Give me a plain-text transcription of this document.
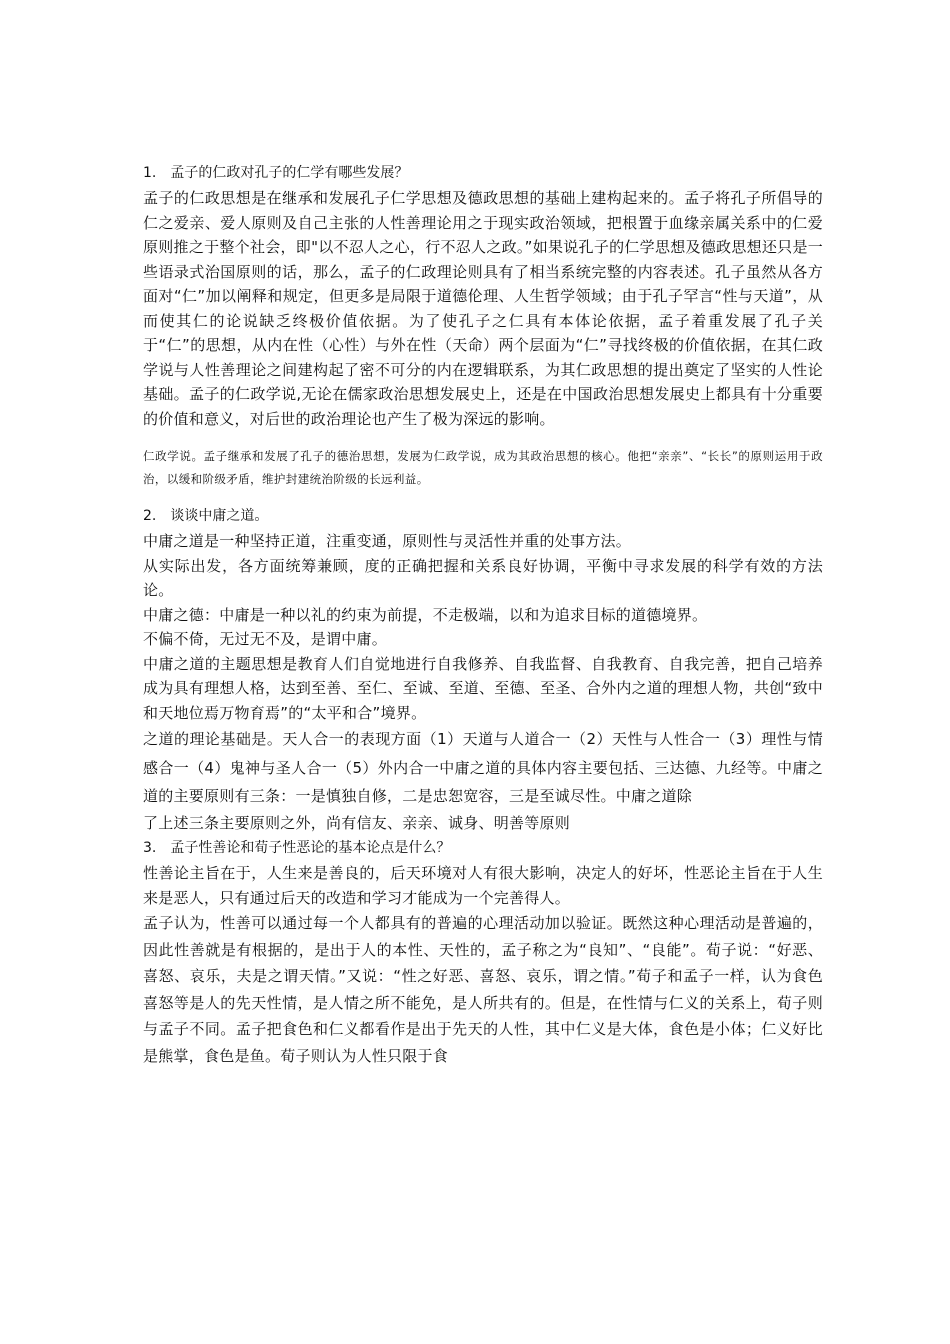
1.　孟子的仁政对孔子的仁学有哪些发展？

孟子的仁政思想是在继承和发展孔子仁学思想及德政思想的基础上建构起来的。孟子将孔子所倡导的仁之爱亲、爱人原则及自己主张的人性善理论用之于现实政治领域，把根置于血缘亲属关系中的仁爱原则推之于整个社会，即"以不忍人之心，行不忍人之政。”如果说孔子的仁学思想及德政思想还只是一些语录式治国原则的话，那么，孟子的仁政理论则具有了相当系统完整的内容表述。孔子虽然从各方面对“仁”加以阐释和规定，但更多是局限于道德伦理、人生哲学领域；由于孔子罕言“性与天道”，从而使其仁的论说缺乏终极价值依据。为了使孔子之仁具有本体论依据，孟子着重发展了孔子关于“仁”的思想，从内在性（心性）与外在性（天命）两个层面为“仁”寻找终极的价值依据，在其仁政学说与人性善理论之间建构起了密不可分的内在逻辑联系，为其仁政思想的提出奠定了坚实的人性论基础。孟子的仁政学说,无论在儒家政治思想发展史上，还是在中国政治思想发展史上都具有十分重要的价值和意义，对后世的政治理论也产生了极为深远的影响。

仁政学说。孟子继承和发展了孔子的德治思想，发展为仁政学说，成为其政治思想的核心。他把“亲亲”、“长长”的原则运用于政治，以缓和阶级矛盾，维护封建统治阶级的长远利益。

2.　谈谈中庸之道。

中庸之道是一种坚持正道，注重变通，原则性与灵活性并重的处事方法。

从实际出发，各方面统筹兼顾，度的正确把握和关系良好协调，平衡中寻求发展的科学有效的方法论。

中庸之德：中庸是一种以礼的约束为前提，不走极端，以和为追求目标的道德境界。

不偏不倚，无过无不及，是谓中庸。

中庸之道的主题思想是教育人们自觉地进行自我修养、自我监督、自我教育、自我完善，把自己培养成为具有理想人格，达到至善、至仁、至诚、至道、至德、至圣、合外内之道的理想人物，共创“致中和天地位焉万物育焉”的“太平和合”境界。

之道的理论基础是。天人合一的表现方面（1）天道与人道合一（2）天性与人性合一（3）理性与情感合一（4）鬼神与圣人合一（5）外内合一中庸之道的具体内容主要包括、三达德、九经等。中庸之道的主要原则有三条：一是慎独自修，二是忠恕宽容，三是至诚尽性。中庸之道除

了上述三条主要原则之外，尚有信友、亲亲、诚身、明善等原则

3.　孟子性善论和荀子性恶论的基本论点是什么？

性善论主旨在于，人生来是善良的，后天环境对人有很大影响，决定人的好坏，性恶论主旨在于人生来是恶人，只有通过后天的改造和学习才能成为一个完善得人。

孟子认为，性善可以通过每一个人都具有的普遍的心理活动加以验证。既然这种心理活动是普遍的，因此性善就是有根据的，是出于人的本性、天性的，孟子称之为“良知”、“良能”。荀子说：“好恶、喜怒、哀乐，夫是之谓天情。”又说：“性之好恶、喜怒、哀乐，谓之情。”荀子和孟子一样，认为食色喜怒等是人的先天性情，是人情之所不能免，是人所共有的。但是，在性情与仁义的关系上，荀子则与孟子不同。孟子把食色和仁义都看作是出于先天的人性，其中仁义是大体，食色是小体；仁义好比是熊掌，食色是鱼。荀子则认为人性只限于食
